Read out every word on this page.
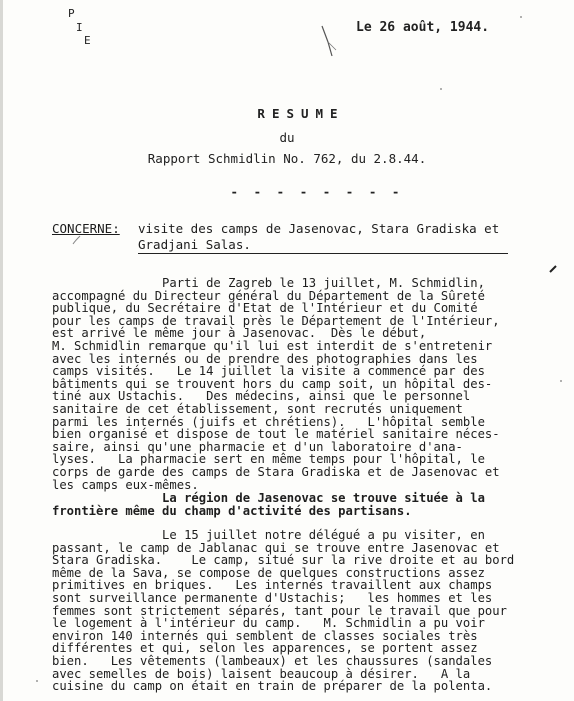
P
I
E
Le 26 août, 1944.
RESUME
du
Rapport Schmidlin No. 762, du 2.8.44.
- - - - - - - -
CONCERNE: visite des camps de Jasenovac, Stara Gradiska et
Gradjani Salas.
Parti de Zagreb le 13 juillet, M. Schmidlin,
accompagné du Directeur général du Département de la Sûreté
publique, du Secrétaire d'Etat de l'Intérieur et du Comité
pour les camps de travail près le Département de l'Intérieur,
est arrivé le même jour à Jasenovac.  Dès le début,
M. Schmidlin remarque qu'il lui est interdit de s'entretenir
avec les internés ou de prendre des photographies dans les
camps visités.   Le 14 juillet la visite a commencé par des
bâtiments qui se trouvent hors du camp soit, un hôpital des-
tiné aux Ustachis.   Des médecins, ainsi que le personnel
sanitaire de cet établissement, sont recrutés uniquement
parmi les internés (juifs et chrétiens).   L'hôpital semble
bien organisé et dispose de tout le matériel sanitaire néces-
saire, ainsi qu'une pharmacie et d'un laboratoire d'ana-
lyses.   La pharmacie sert en même temps pour l'hôpital, le
corps de garde des camps de Stara Gradiska et de Jasenovac et
les camps eux-mêmes.
La région de Jasenovac se trouve située à la
frontière même du champ d'activité des partisans.
Le 15 juillet notre délégué a pu visiter, en
passant, le camp de Jablanac qui se trouve entre Jasenovac et
Stara Gradiska.    Le camp, situé sur la rive droite et au bord
même de la Sava, se compose de quelques constructions assez
primitives en briques.   Les internés travaillent aux champs
sont surveillance permanente d'Ustachis;   les hommes et les
femmes sont strictement séparés, tant pour le travail que pour
le logement à l'intérieur du camp.   M. Schmidlin a pu voir
environ 140 internés qui semblent de classes sociales très
différentes et qui, selon les apparences, se portent assez
bien.   Les vêtements (lambeaux) et les chaussures (sandales
avec semelles de bois) laisent beaucoup à désirer.   A la
cuisine du camp on était en train de préparer de la polenta.
